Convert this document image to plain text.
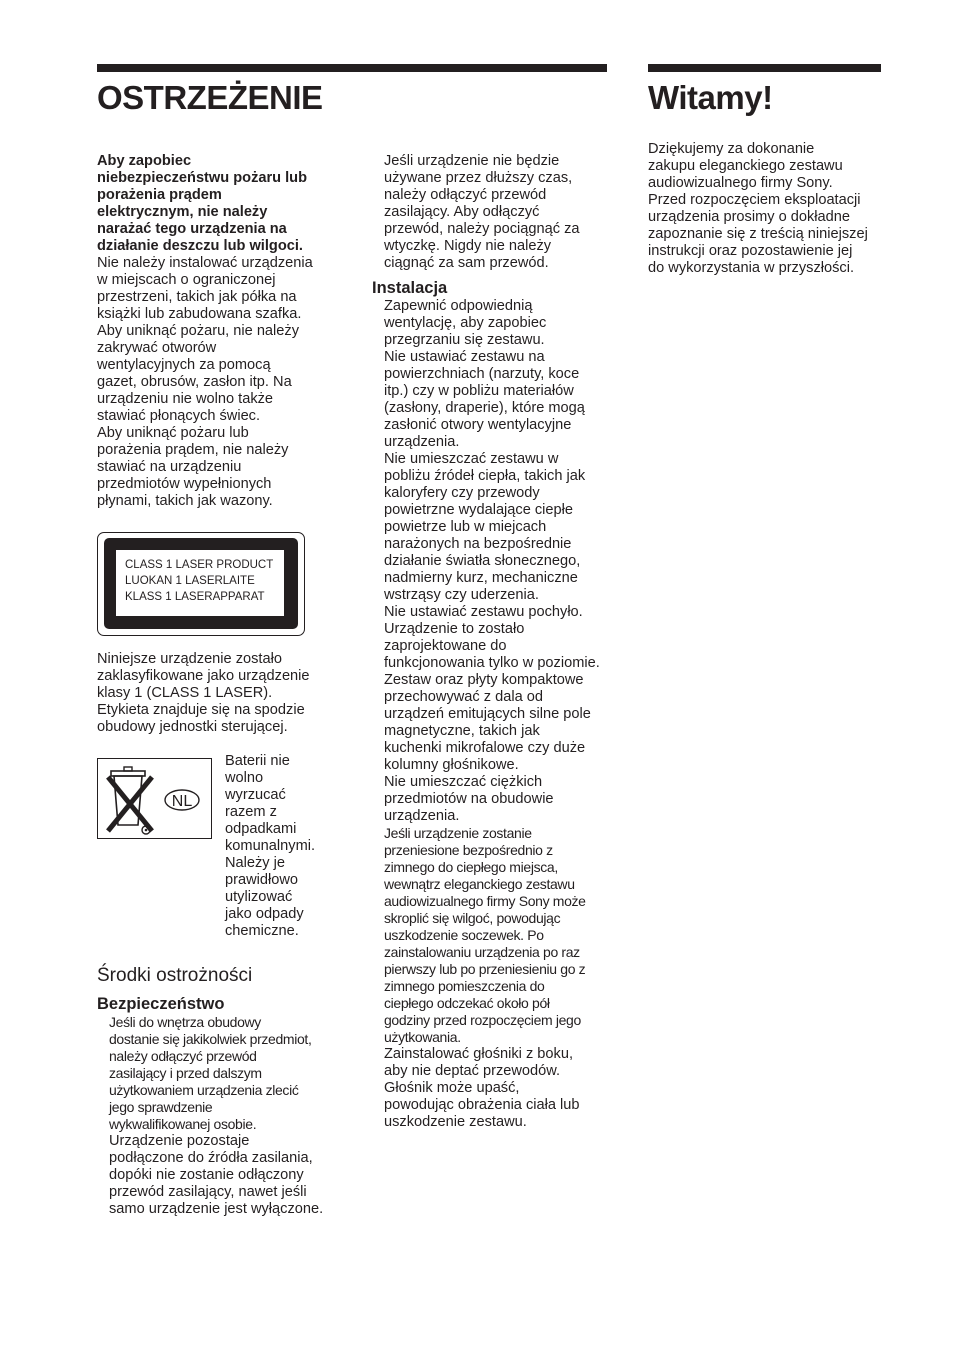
OSTRZEŻENIE	Witamy!

Aby zapobiec

niebezpieczeństwu pożaru lub

porażenia prądem

elektrycznym, nie należy

narażać tego urządzenia na

działanie deszczu lub wilgoci.

Nie należy instalować urządzenia

w miejscach o ograniczonej

przestrzeni, takich jak półka na

książki lub zabudowana szafka.

Aby uniknąć pożaru, nie należy

zakrywać otworów

wentylacyjnych za pomocą

gazet, obrusów, zasłon itp. Na

urządzeniu nie wolno także

stawiać płonących świec.

Aby uniknąć pożaru lub

porażenia prądem, nie należy

stawiać na urządzeniu

przedmiotów wypełnionych

płynami, takich jak wazony.

CLASS 1 LASER PRODUCT
LUOKAN 1 LASERLAITE
KLASS 1 LASERAPPARAT

Niniejsze urządzenie zostało

zaklasyfikowane jako urządzenie

klasy 1 (CLASS 1 LASER).

Etykieta znajduje się na spodzie

obudowy jednostki sterującej.

NL

Baterii nie

wolno

wyrzucać

razem z

odpadkami

komunalnymi.

Należy je

prawidłowo

utylizować

jako odpady

chemiczne.

Środki ostrożności
Bezpieczeństwo

Jeśli do wnętrza obudowy

dostanie się jakikolwiek przedmiot,

należy odłączyć przewód

zasilający i przed dalszym

użytkowaniem urządzenia zlecić

jego sprawdzenie

wykwalifikowanej osobie.

Urządzenie pozostaje

podłączone do źródła zasilania,

dopóki nie zostanie odłączony

przewód zasilający, nawet jeśli

samo urządzenie jest wyłączone.

Jeśli urządzenie nie będzie

używane przez dłuższy czas,

należy odłączyć przewód

zasilający. Aby odłączyć

przewód, należy pociągnąć za

wtyczkę. Nigdy nie należy

ciągnąć za sam przewód.

Instalacja

Zapewnić odpowiednią

wentylację, aby zapobiec

przegrzaniu się zestawu.

Nie ustawiać zestawu na

powierzchniach (narzuty, koce

itp.) czy w pobliżu materiałów

(zasłony, draperie), które mogą

zasłonić otwory wentylacyjne

urządzenia.

Nie umieszczać zestawu w

pobliżu źródeł ciepła, takich jak

kaloryfery czy przewody

powietrzne wydalające ciepłe

powietrze lub w miejcach

narażonych na bezpośrednie

działanie światła słonecznego,

nadmierny kurz, mechaniczne

wstrząsy czy uderzenia.

Nie ustawiać zestawu pochyło.

Urządzenie to zostało

zaprojektowane do

funkcjonowania tylko w poziomie.

Zestaw oraz płyty kompaktowe

przechowywać z dala od

urządzeń emitujących silne pole

magnetyczne, takich jak

kuchenki mikrofalowe czy duże

kolumny głośnikowe.

Nie umieszczać ciężkich

przedmiotów na obudowie

urządzenia.

Jeśli urządzenie zostanie

przeniesione bezpośrednio z

zimnego do ciepłego miejsca,

wewnątrz eleganckiego zestawu

audiowizualnego firmy Sony może

skroplić się wilgoć, powodując

uszkodzenie soczewek. Po

zainstalowaniu urządzenia po raz

pierwszy lub po przeniesieniu go z

zimnego pomieszczenia do

ciepłego odczekać około pół

godziny przed rozpoczęciem jego

użytkowania.

Zainstalować głośniki z boku,

aby nie deptać przewodów.

Głośnik może upaść,

powodując obrażenia ciała lub

uszkodzenie zestawu.

Dziękujemy za dokonanie

zakupu eleganckiego zestawu

audiowizualnego firmy Sony.

Przed rozpoczęciem eksploatacji

urządzenia prosimy o dokładne

zapoznanie się z treścią niniejszej

instrukcji oraz pozostawienie jej

do wykorzystania w przyszłości.
